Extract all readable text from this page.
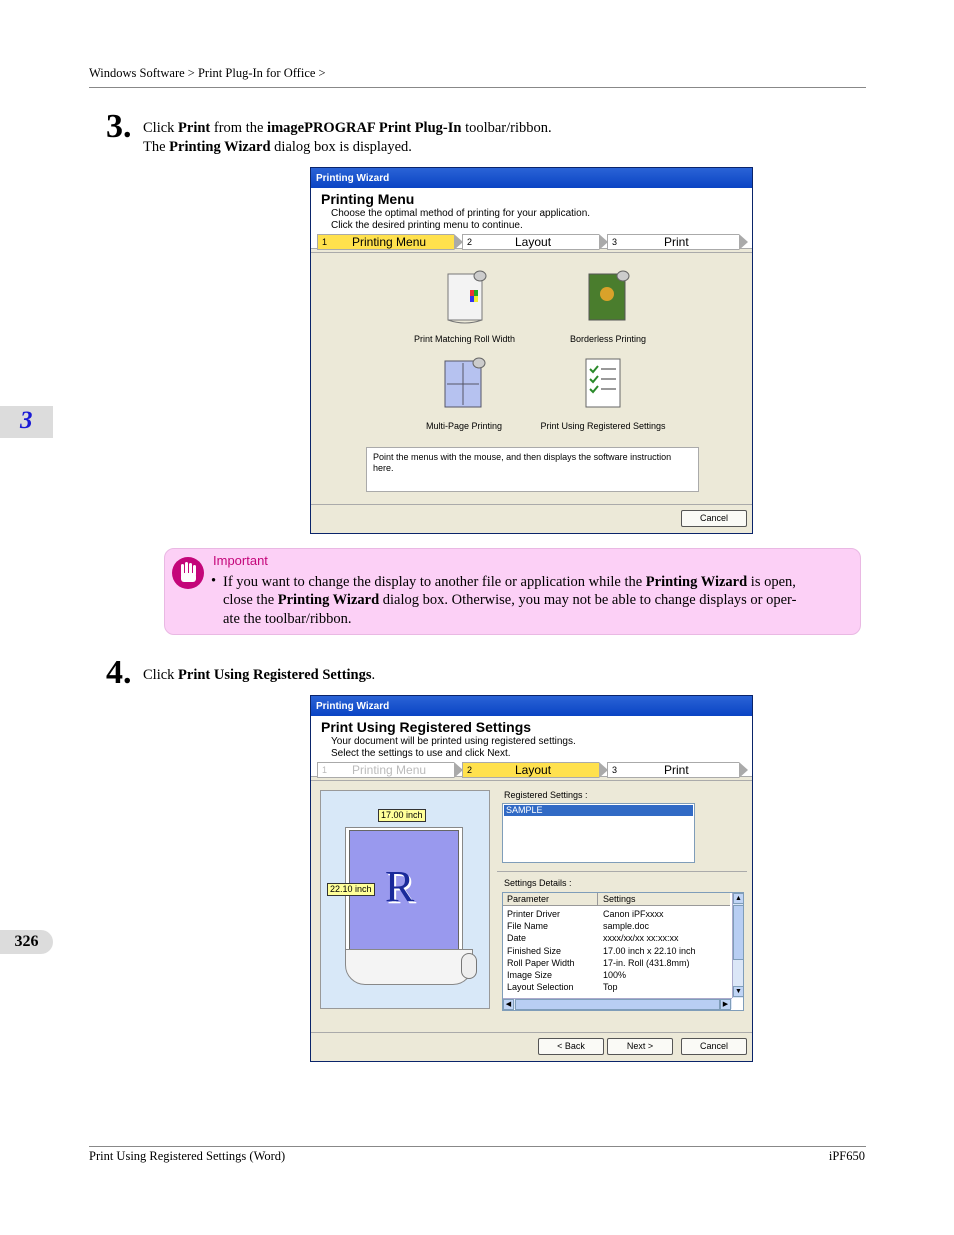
Windows Software > Print Plug-In for Office >
3
326
3. Click Print from the imagePROGRAF Print Plug-In toolbar/ribbon.
The Printing Wizard dialog box is displayed.
Printing Wizard
Printing Menu
Choose the optimal method of printing for your application.
Click the desired printing menu to continue.
1 Printing Menu	2	Layout	3	Print
Print Matching Roll Width	Borderless Printing
Multi-Page Printing	Print Using Registered Settings
Point the menus with the mouse, and then displays the software instruction here.
Cancel
Important
• If you want to change the display to another file or application while the Printing Wizard is open,
close the Printing Wizard dialog box. Otherwise, you may not be able to change displays or oper-
ate the toolbar/ribbon.
4. Click Print Using Registered Settings.
Printing Wizard
Print Using Registered Settings
Your document will be printed using registered settings.
Select the settings to use and click Next.
1 Printing Menu	2	Layout	3	Print
R
17.00 inch
22.10 inch
Registered Settings :
SAMPLE
Settings Details :
Parameter	Settings
Printer Driver	Canon iPFxxxx
File Name	sample.doc
Date	xxxx/xx/xx xx:xx:xx
Finished Size	17.00 inch x 22.10 inch
Roll Paper Width	17-in. Roll (431.8mm)
Image Size	100%
Layout Selection	Top
▲
▼
◀	▶
< Back	Next >	Cancel
Print Using Registered Settings (Word)	iPF650
